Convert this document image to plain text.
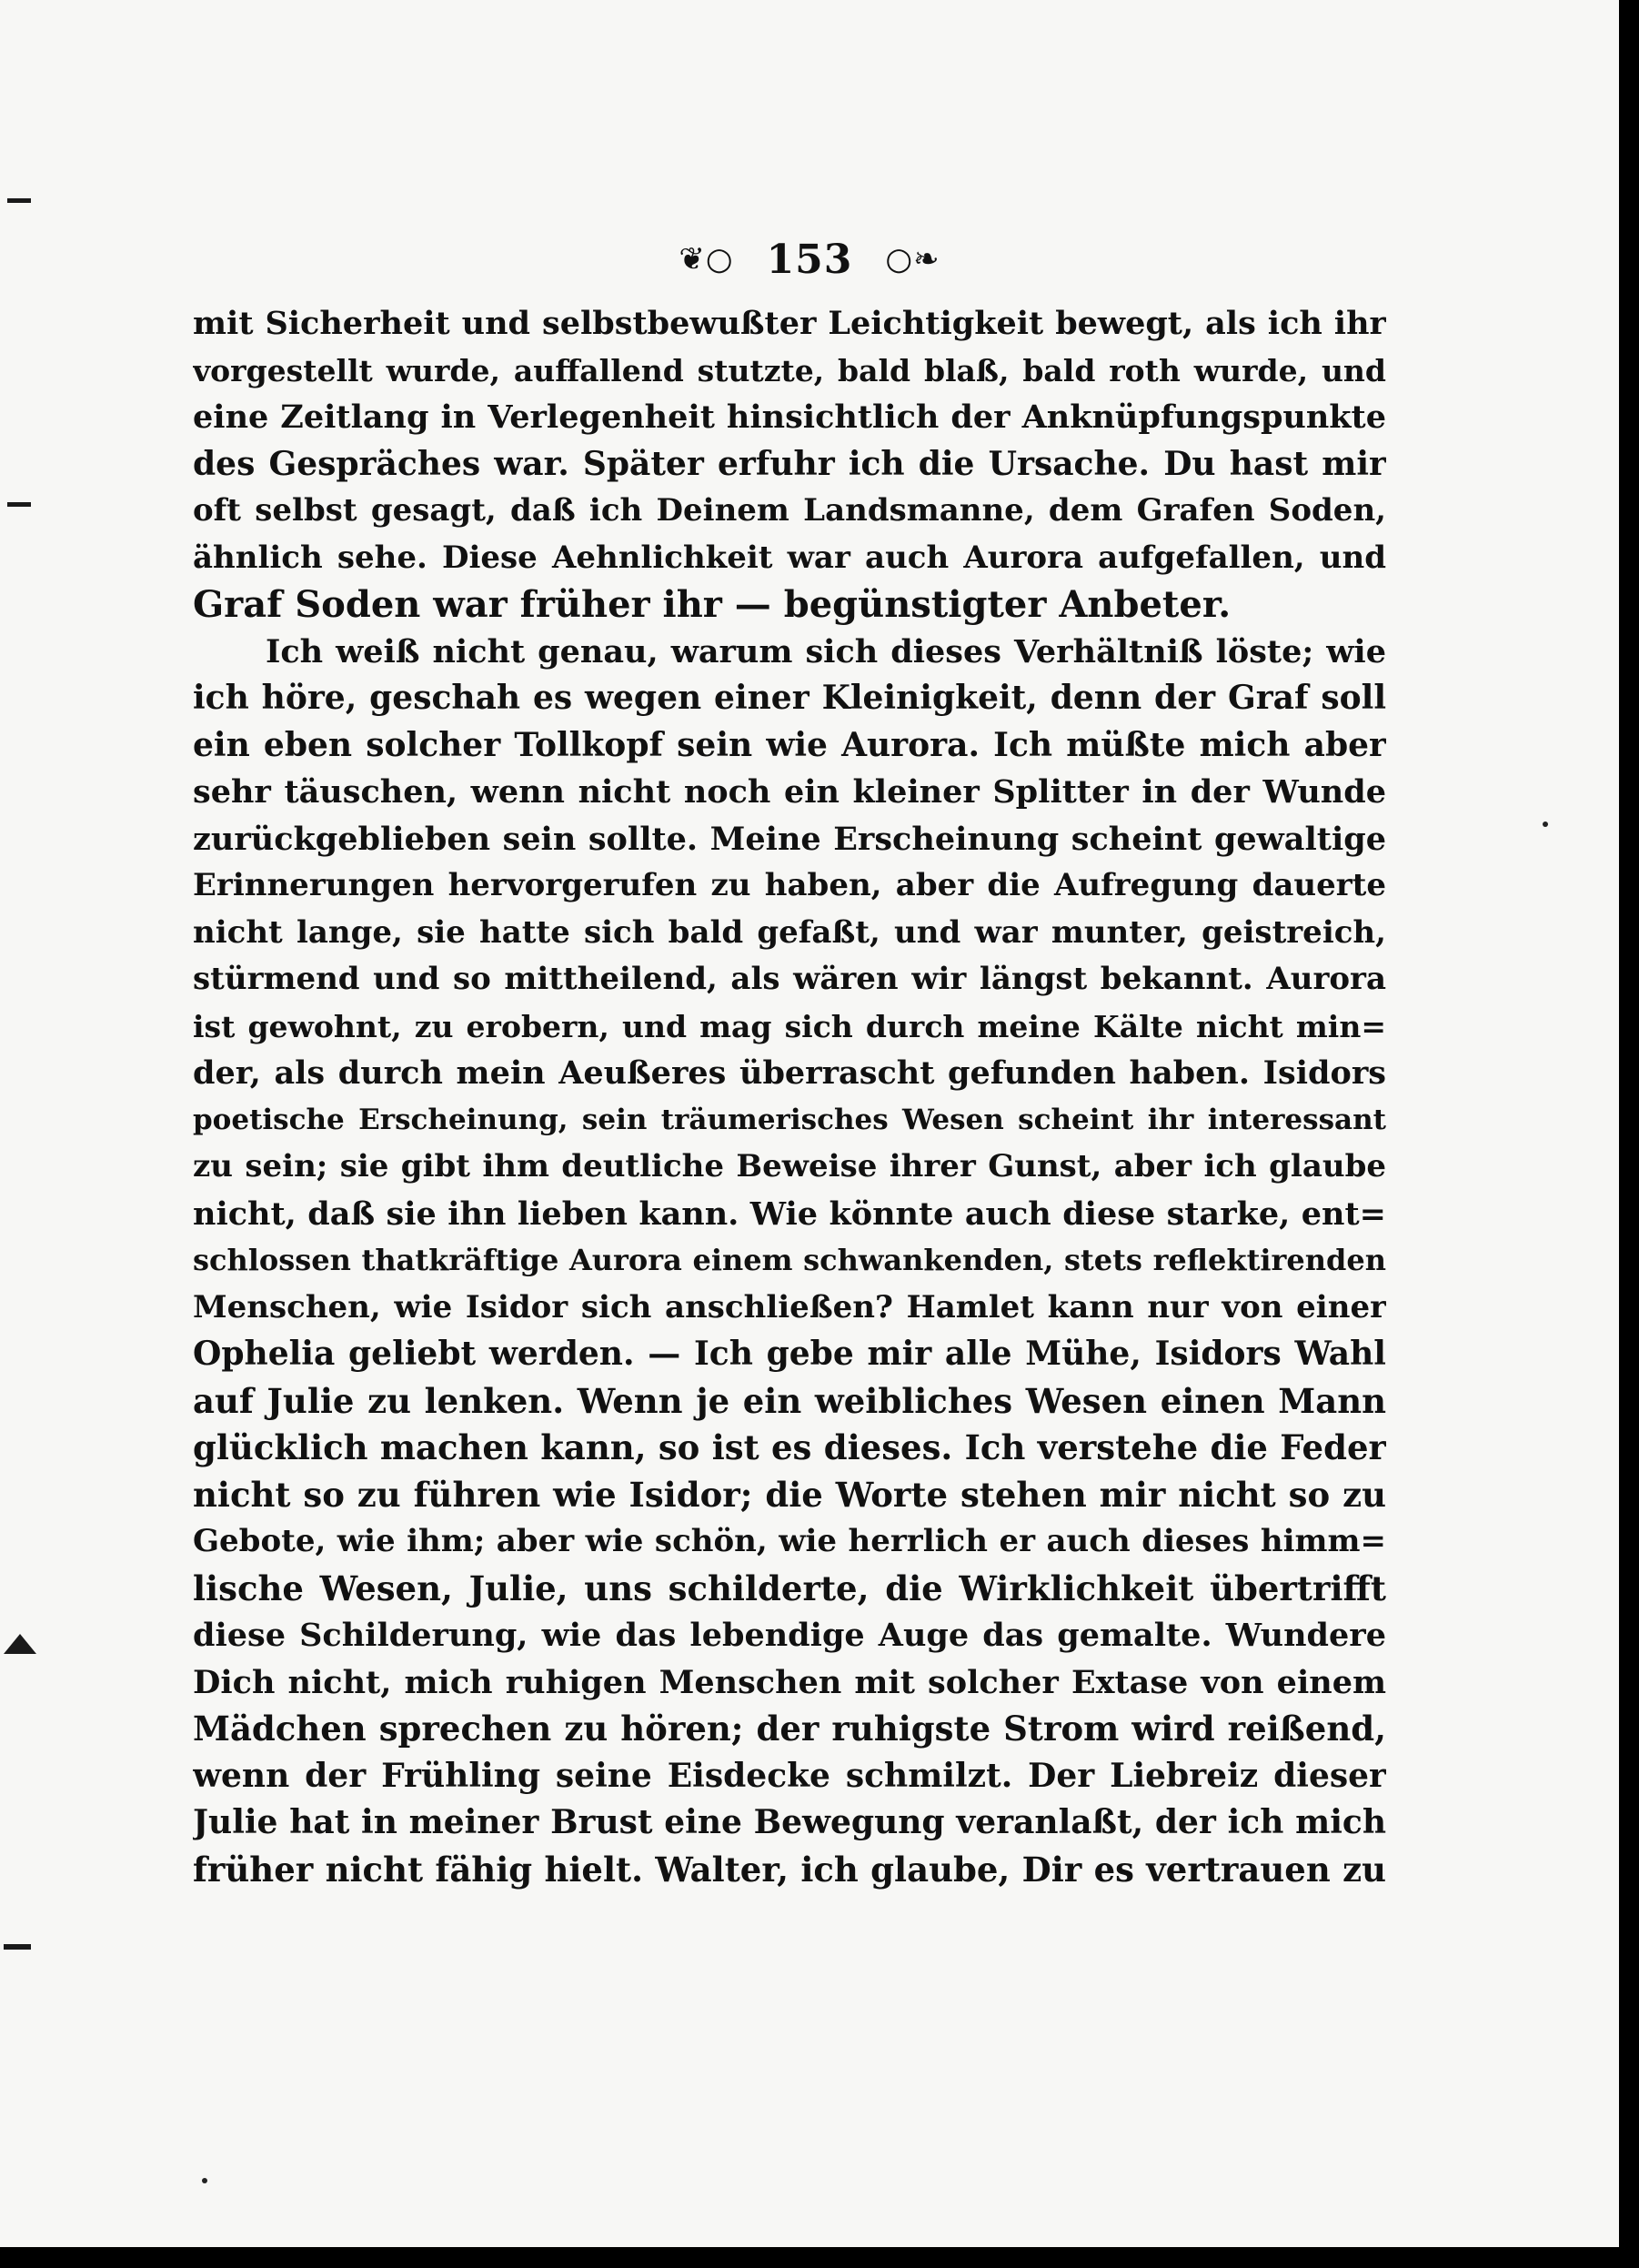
❦○ 153 ○❧
mit Sicherheit und selbstbewußter Leichtigkeit bewegt, als ich ihr
vorgestellt wurde, auffallend stutzte, bald blaß, bald roth wurde, und
eine Zeitlang in Verlegenheit hinsichtlich der Anknüpfungspunkte
des Gespräches war. Später erfuhr ich die Ursache. Du hast mir
oft selbst gesagt, daß ich Deinem Landsmanne, dem Grafen Soden,
ähnlich sehe. Diese Aehnlichkeit war auch Aurora aufgefallen, und
Graf Soden war früher ihr — begünstigter Anbeter.
Ich weiß nicht genau, warum sich dieses Verhältniß löste; wie
ich höre, geschah es wegen einer Kleinigkeit, denn der Graf soll
ein eben solcher Tollkopf sein wie Aurora. Ich müßte mich aber
sehr täuschen, wenn nicht noch ein kleiner Splitter in der Wunde
zurückgeblieben sein sollte. Meine Erscheinung scheint gewaltige
Erinnerungen hervorgerufen zu haben, aber die Aufregung dauerte
nicht lange, sie hatte sich bald gefaßt, und war munter, geistreich,
stürmend und so mittheilend, als wären wir längst bekannt. Aurora
ist gewohnt, zu erobern, und mag sich durch meine Kälte nicht min=
der, als durch mein Aeußeres überrascht gefunden haben. Isidors
poetische Erscheinung, sein träumerisches Wesen scheint ihr interessant
zu sein; sie gibt ihm deutliche Beweise ihrer Gunst, aber ich glaube
nicht, daß sie ihn lieben kann. Wie könnte auch diese starke, ent=
schlossen thatkräftige Aurora einem schwankenden, stets reflektirenden
Menschen, wie Isidor sich anschließen? Hamlet kann nur von einer
Ophelia geliebt werden. — Ich gebe mir alle Mühe, Isidors Wahl
auf Julie zu lenken. Wenn je ein weibliches Wesen einen Mann
glücklich machen kann, so ist es dieses. Ich verstehe die Feder
nicht so zu führen wie Isidor; die Worte stehen mir nicht so zu
Gebote, wie ihm; aber wie schön, wie herrlich er auch dieses himm=
lische Wesen, Julie, uns schilderte, die Wirklichkeit übertrifft
diese Schilderung, wie das lebendige Auge das gemalte. Wundere
Dich nicht, mich ruhigen Menschen mit solcher Extase von einem
Mädchen sprechen zu hören; der ruhigste Strom wird reißend,
wenn der Frühling seine Eisdecke schmilzt. Der Liebreiz dieser
Julie hat in meiner Brust eine Bewegung veranlaßt, der ich mich
früher nicht fähig hielt. Walter, ich glaube, Dir es vertrauen zu
